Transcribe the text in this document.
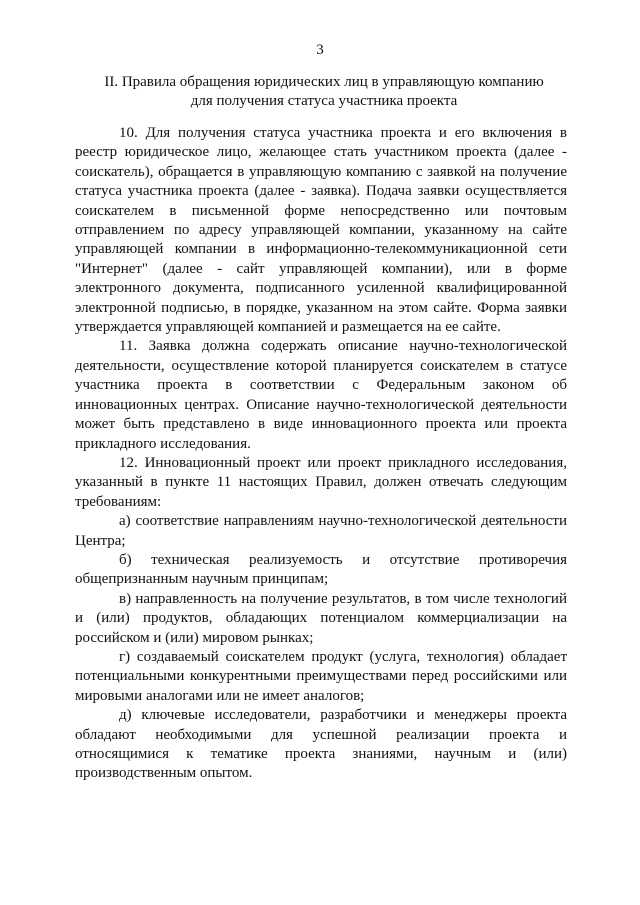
3
II. Правила обращения юридических лиц в управляющую компанию
для получения статуса участника проекта

10. Для получения статуса участника проекта и его включения в реестр юридическое лицо, желающее стать участником проекта (далее - соискатель), обращается в управляющую компанию с заявкой на получение статуса участника проекта (далее - заявка). Подача заявки осуществляется соискателем в письменной форме непосредственно или почтовым отправлением по адресу управляющей компании, указанному на сайте управляющей компании в информационно-телекоммуникационной сети "Интернет" (далее - сайт управляющей компании), или в форме электронного документа, подписанного усиленной квалифицированной электронной подписью, в порядке, указанном на этом сайте. Форма заявки утверждается управляющей компанией и размещается на ее сайте.

11. Заявка должна содержать описание научно-технологической деятельности, осуществление которой планируется соискателем в статусе участника проекта в соответствии с Федеральным законом об инновационных центрах. Описание научно-технологической деятельности может быть представлено в виде инновационного проекта или проекта прикладного исследования.

12. Инновационный проект или проект прикладного исследования, указанный в пункте 11 настоящих Правил, должен отвечать следующим требованиям:

а) соответствие направлениям научно-технологической деятельности Центра;

б) техническая реализуемость и отсутствие противоречия общепризнанным научным принципам;

в) направленность на получение результатов, в том числе технологий и (или) продуктов, обладающих потенциалом коммерциализации на российском и (или) мировом рынках;

г) создаваемый соискателем продукт (услуга, технология) обладает потенциальными конкурентными преимуществами перед российскими или мировыми аналогами или не имеет аналогов;

д) ключевые исследователи, разработчики и менеджеры проекта обладают необходимыми для успешной реализации проекта и относящимися к тематике проекта знаниями, научным и (или) производственным опытом.
